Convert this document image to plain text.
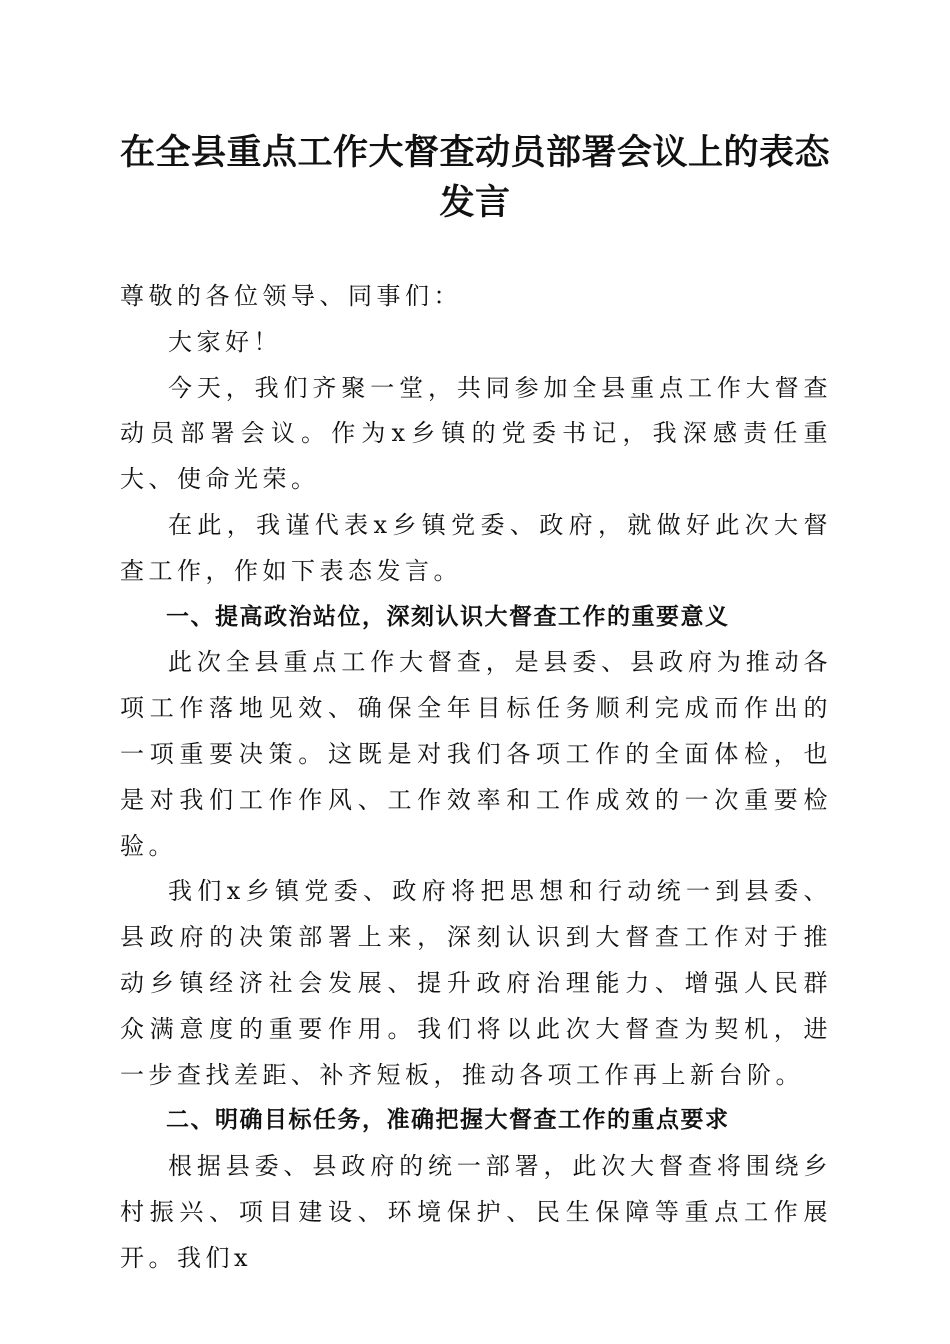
在全县重点工作大督查动员部署会议上的表态
发言

尊敬的各位领导、同事们：

大家好！

今天，我们齐聚一堂，共同参加全县重点工作大督查动员部署会议。作为x乡镇的党委书记，我深感责任重大、使命光荣。

在此，我谨代表x乡镇党委、政府，就做好此次大督查工作，作如下表态发言。

一、提高政治站位，深刻认识大督查工作的重要意义

此次全县重点工作大督查，是县委、县政府为推动各项工作落地见效、确保全年目标任务顺利完成而作出的一项重要决策。这既是对我们各项工作的全面体检，也是对我们工作作风、工作效率和工作成效的一次重要检验。

我们x乡镇党委、政府将把思想和行动统一到县委、县政府的决策部署上来，深刻认识到大督查工作对于推动乡镇经济社会发展、提升政府治理能力、增强人民群众满意度的重要作用。我们将以此次大督查为契机，进一步查找差距、补齐短板，推动各项工作再上新台阶。

二、明确目标任务，准确把握大督查工作的重点要求

根据县委、县政府的统一部署，此次大督查将围绕乡村振兴、项目建设、环境保护、民生保障等重点工作展开。我们x
